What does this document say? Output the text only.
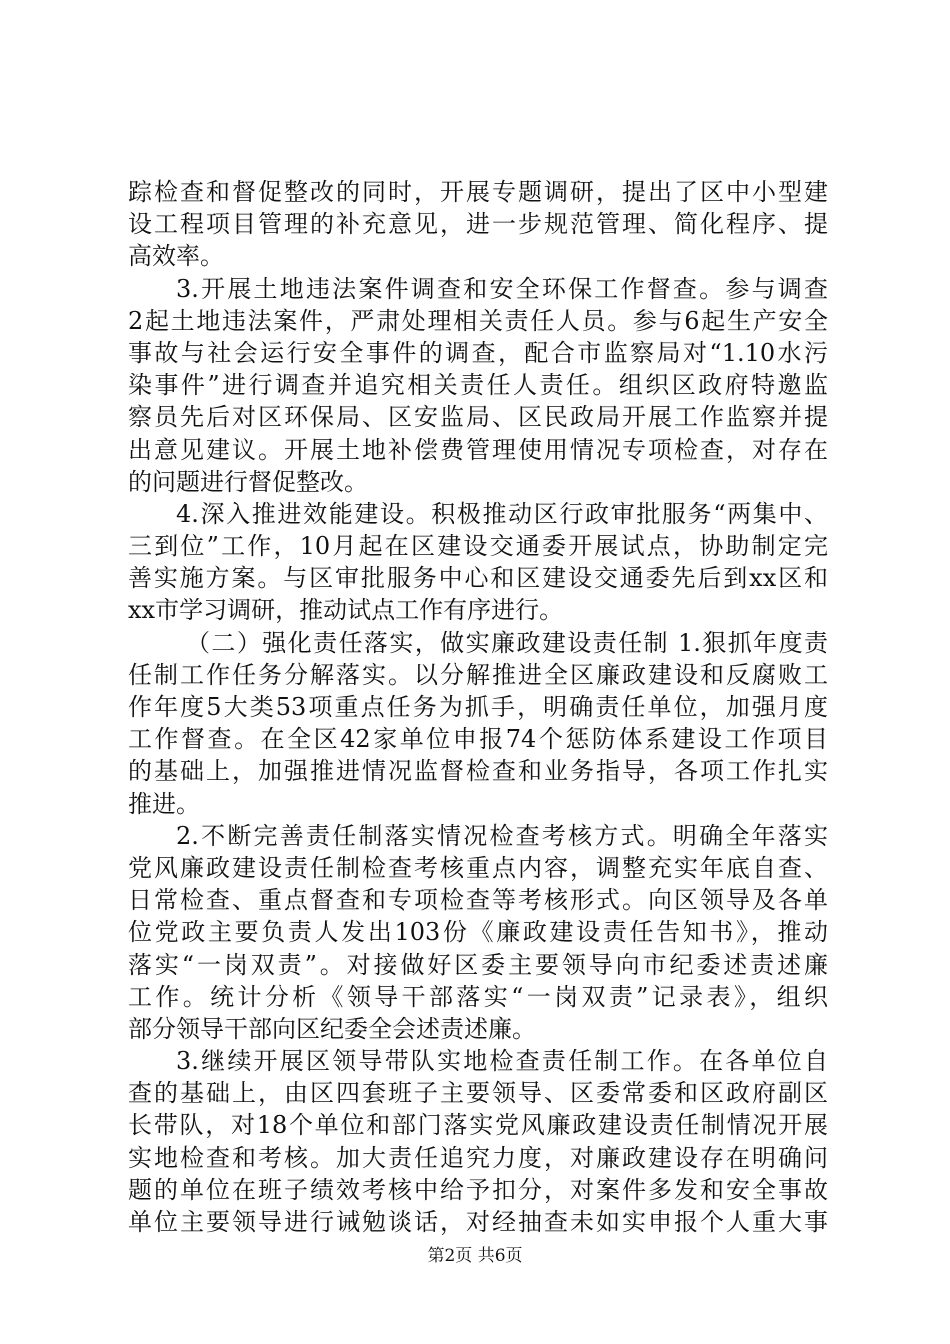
踪检查和督促整改的同时，开展专题调研，提出了区中小型建
设工程项目管理的补充意见，进一步规范管理、简化程序、提
高效率。
3.开展土地违法案件调查和安全环保工作督查。参与调查
2起土地违法案件，严肃处理相关责任人员。参与6起生产安全
事故与社会运行安全事件的调查，配合市监察局对“1.10水污
染事件”进行调查并追究相关责任人责任。组织区政府特邀监
察员先后对区环保局、区安监局、区民政局开展工作监察并提
出意见建议。开展土地补偿费管理使用情况专项检查，对存在
的问题进行督促整改。
4.深入推进效能建设。积极推动区行政审批服务“两集中、
三到位”工作，10月起在区建设交通委开展试点，协助制定完
善实施方案。与区审批服务中心和区建设交通委先后到xx区和
xx市学习调研，推动试点工作有序进行。
（二）强化责任落实，做实廉政建设责任制 1.狠抓年度责
任制工作任务分解落实。以分解推进全区廉政建设和反腐败工
作年度5大类53项重点任务为抓手，明确责任单位，加强月度
工作督查。在全区42家单位申报74个惩防体系建设工作项目
的基础上，加强推进情况监督检查和业务指导，各项工作扎实
推进。
2.不断完善责任制落实情况检查考核方式。明确全年落实
党风廉政建设责任制检查考核重点内容，调整充实年底自查、
日常检查、重点督查和专项检查等考核形式。向区领导及各单
位党政主要负责人发出103份《廉政建设责任告知书》，推动
落实“一岗双责”。对接做好区委主要领导向市纪委述责述廉
工作。统计分析《领导干部落实“一岗双责”记录表》，组织
部分领导干部向区纪委全会述责述廉。
3.继续开展区领导带队实地检查责任制工作。在各单位自
查的基础上，由区四套班子主要领导、区委常委和区政府副区
长带队，对18个单位和部门落实党风廉政建设责任制情况开展
实地检查和考核。加大责任追究力度，对廉政建设存在明确问
题的单位在班子绩效考核中给予扣分，对案件多发和安全事故
单位主要领导进行诫勉谈话，对经抽查未如实申报个人重大事
第2页 共6页
